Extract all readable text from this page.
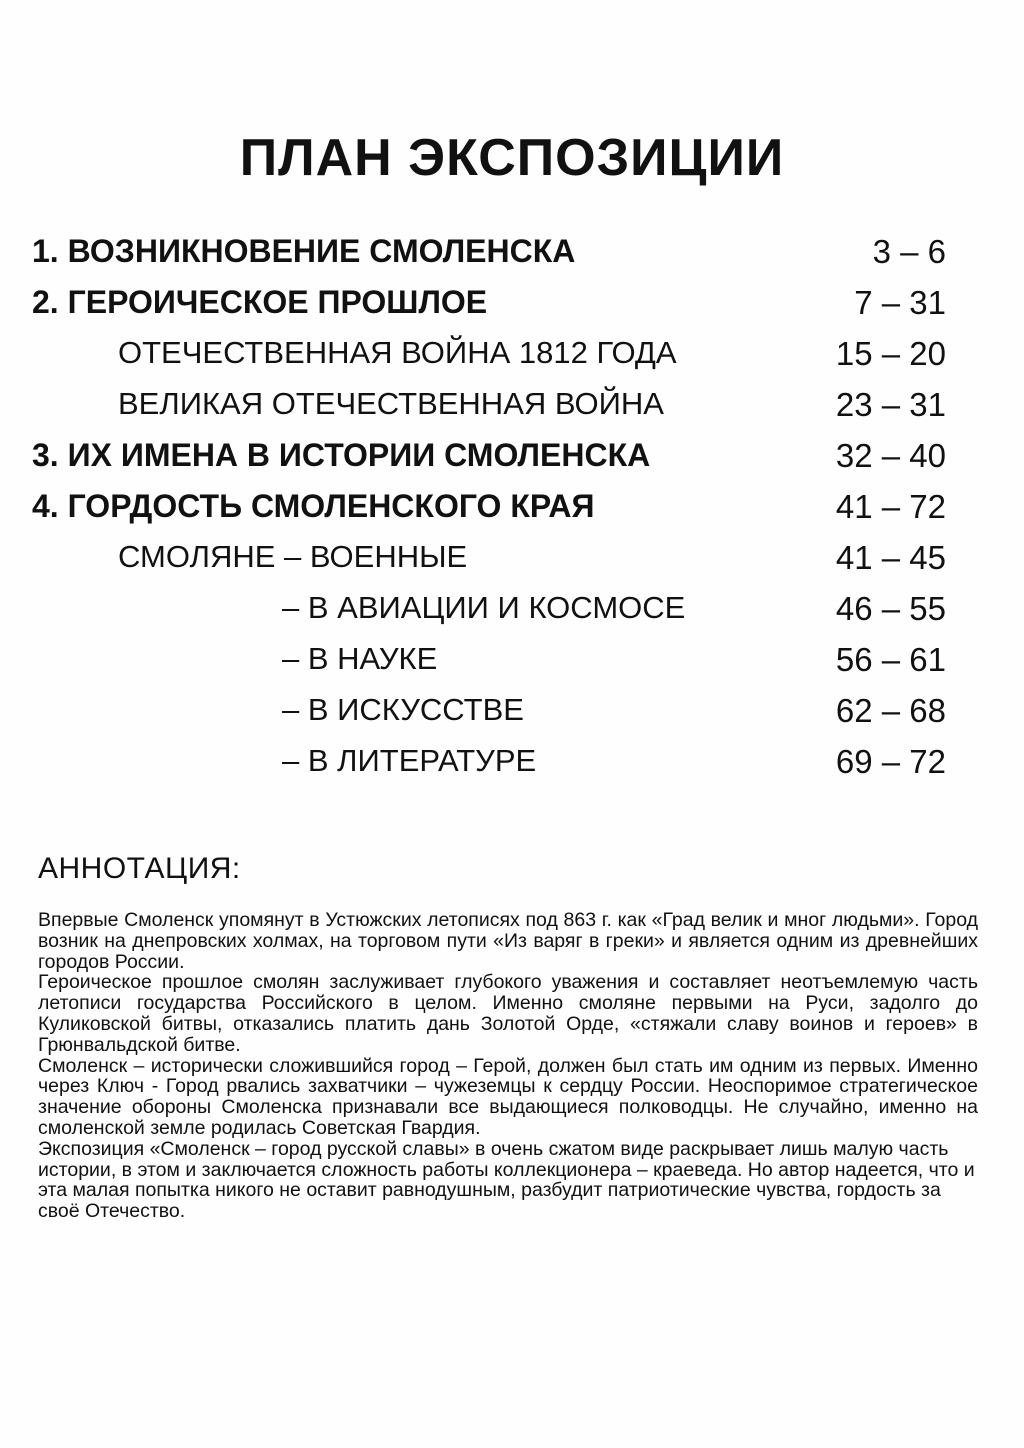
ПЛАН ЭКСПОЗИЦИИ
1. ВОЗНИКНОВЕНИЕ СМОЛЕНСКА	3 – 6
2. ГЕРОИЧЕСКОЕ ПРОШЛОЕ	7 – 31
ОТЕЧЕСТВЕННАЯ ВОЙНА 1812 ГОДА	15 – 20
ВЕЛИКАЯ ОТЕЧЕСТВЕННАЯ ВОЙНА	23 – 31
3. ИХ ИМЕНА В ИСТОРИИ СМОЛЕНСКА	32 – 40
4. ГОРДОСТЬ СМОЛЕНСКОГО КРАЯ	41 – 72
СМОЛЯНЕ – ВОЕННЫЕ	41 – 45
– В АВИАЦИИ И КОСМОСЕ	46 – 55
– В НАУКЕ	56 – 61
– В ИСКУССТВЕ	62 – 68
– В ЛИТЕРАТУРЕ	69 – 72
АННОТАЦИЯ:

Впервые Смоленск упомянут в Устюжских летописях под 863 г. как «Град велик и мног людьми». Город возник на днепровских холмах, на торговом пути «Из варяг в греки» и является одним из древнейших городов России.

Героическое прошлое смолян заслуживает глубокого уважения и составляет неотъемлемую часть летописи государства Российского в целом. Именно смоляне первыми на Руси, задолго до Куликовской битвы, отказались платить дань Золотой Орде, «стяжали славу воинов и героев» в Грюнвальдской битве.

Смоленск – исторически сложившийся город – Герой, должен был стать им одним из первых. Именно через Ключ - Город рвались захватчики – чужеземцы к сердцу России. Неоспоримое стратегическое значение обороны Смоленска признавали все выдающиеся полководцы. Не случайно, именно на смоленской земле родилась Советская Гвардия.

Экспозиция «Смоленск – город русской славы» в очень сжатом виде раскрывает лишь малую часть истории, в этом и заключается сложность работы коллекционера – краеведа. Но автор надеется, что и эта малая попытка никого не оставит равнодушным, разбудит патриотические чувства, гордость за своё Отечество.
